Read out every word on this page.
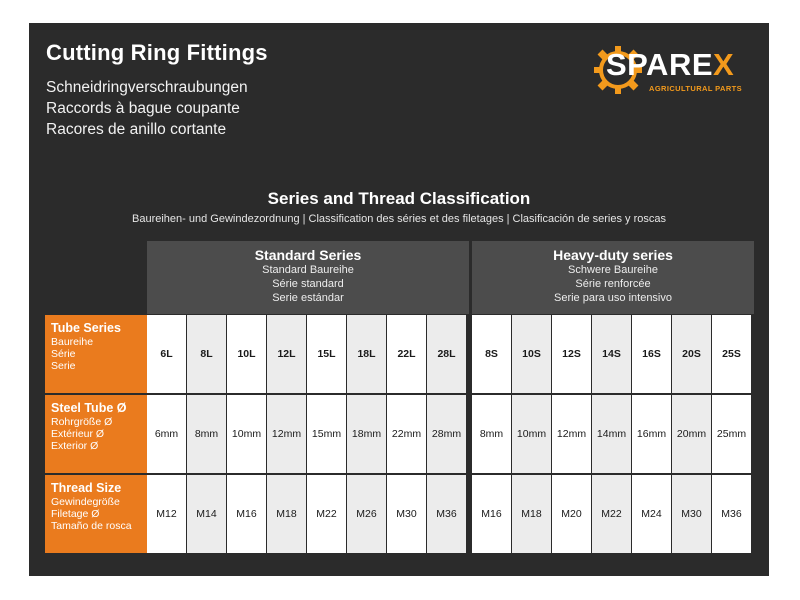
Cutting Ring Fittings
Schneidringverschraubungen
Raccords à bague coupante
Racores de anillo cortante
SPAREX
AGRICULTURAL PARTS
Series and Thread Classification
Baureihen- und Gewindezordnung | Classification des séries et des filetages | Clasificación de series y roscas
Standard Series
Standard Baureihe
Série standard
Serie estándar
Heavy-duty series
Schwere Baureihe
Série renforcée
Serie para uso intensivo
Tube Series
Baureihe
Série
Serie
6L	8L	10L	12L	15L	18L	22L	28L	8S	10S	12S	14S	16S	20S	25S
Steel Tube Ø
Rohrgröße Ø
Extérieur Ø
Exterior Ø
6mm	8mm	10mm	12mm	15mm	18mm	22mm	28mm	8mm	10mm	12mm	14mm	16mm	20mm	25mm
Thread Size
Gewindegröße
Filetage Ø
Tamaño de rosca
M12	M14	M16	M18	M22	M26	M30	M36	M16	M18	M20	M22	M24	M30	M36
